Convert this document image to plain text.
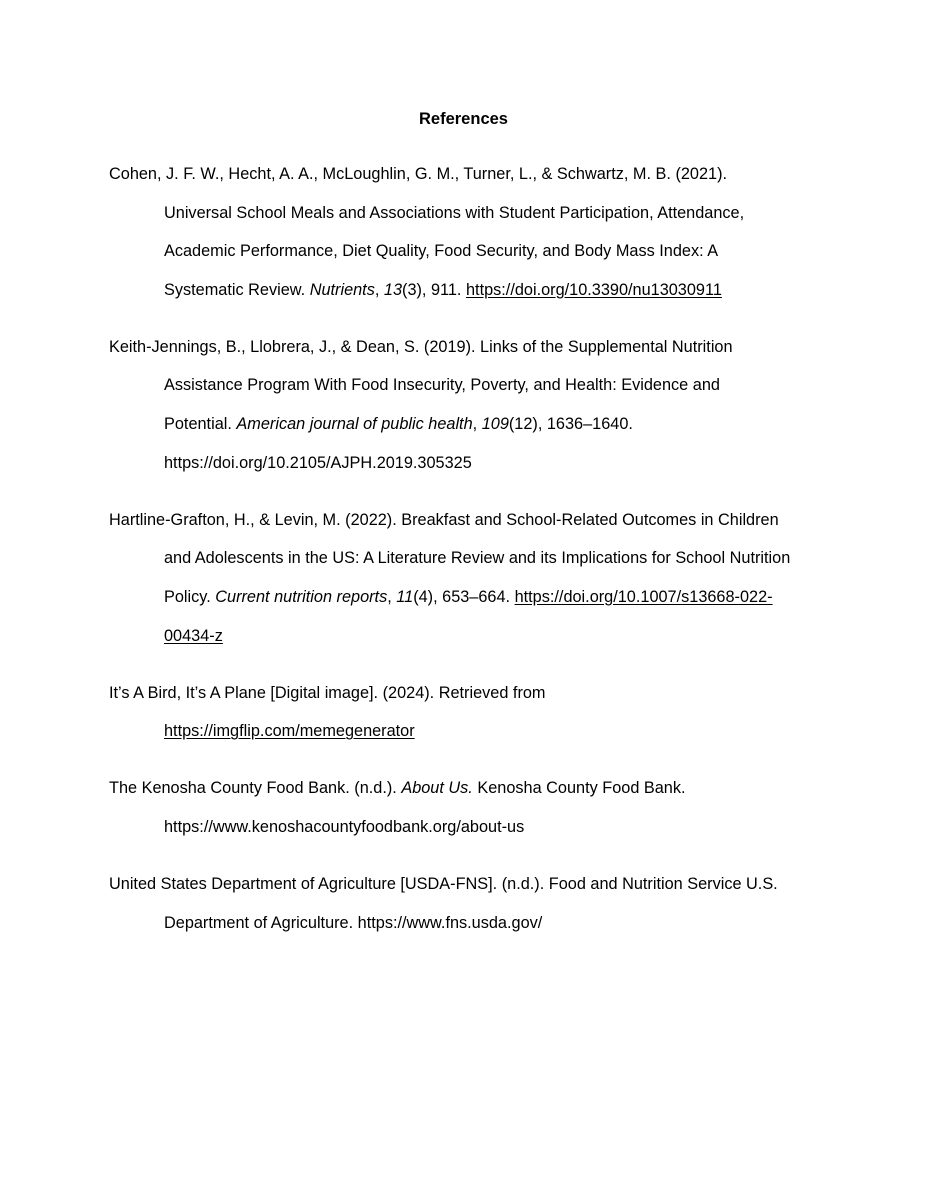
References
Cohen, J. F. W., Hecht, A. A., McLoughlin, G. M., Turner, L., & Schwartz, M. B. (2021).
Universal School Meals and Associations with Student Participation, Attendance,
Academic Performance, Diet Quality, Food Security, and Body Mass Index: A
Systematic Review. Nutrients, 13(3), 911. https://doi.org/10.3390/nu13030911
Keith-Jennings, B., Llobrera, J., & Dean, S. (2019). Links of the Supplemental Nutrition
Assistance Program With Food Insecurity, Poverty, and Health: Evidence and
Potential. American journal of public health, 109(12), 1636–1640.
https://doi.org/10.2105/AJPH.2019.305325
Hartline-Grafton, H., & Levin, M. (2022). Breakfast and School-Related Outcomes in Children
and Adolescents in the US: A Literature Review and its Implications for School Nutrition
Policy. Current nutrition reports, 11(4), 653–664. https://doi.org/10.1007/s13668-022-
00434-z
It’s A Bird, It’s A Plane [Digital image]. (2024). Retrieved from
https://imgflip.com/memegenerator
The Kenosha County Food Bank. (n.d.). About Us. Kenosha County Food Bank.
https://www.kenoshacountyfoodbank.org/about-us
United States Department of Agriculture [USDA-FNS]. (n.d.). Food and Nutrition Service U.S.
Department of Agriculture. https://www.fns.usda.gov/
